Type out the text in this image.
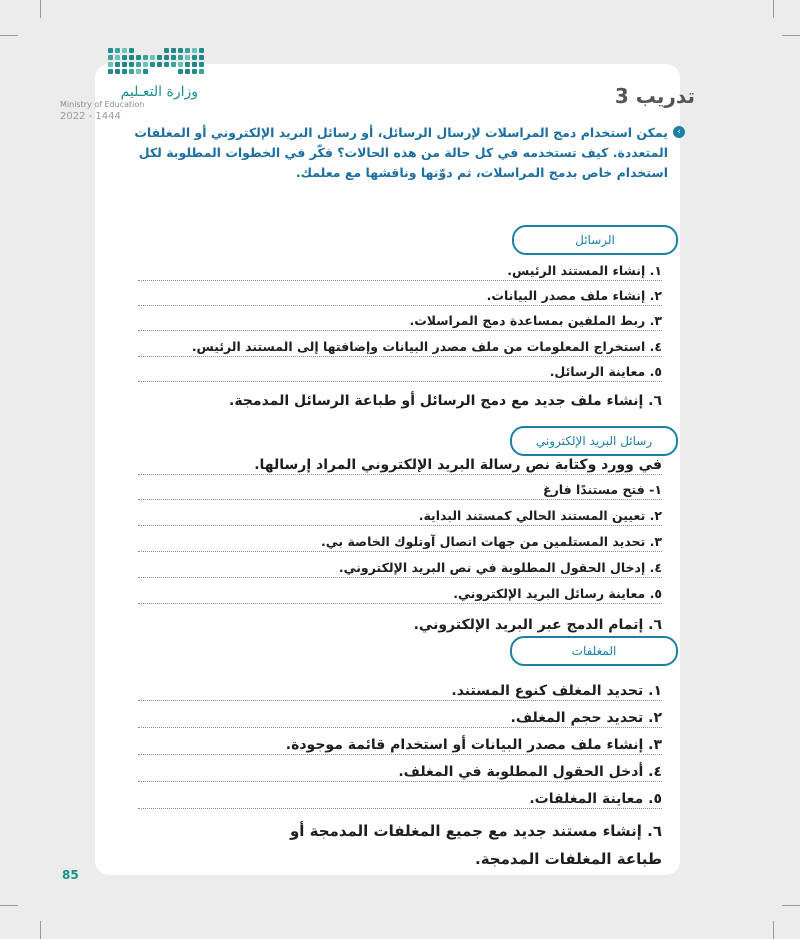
وزارة التعـليم
Ministry of Education
2022 - 1444
تدريب 3
‹
يمكن استخدام دمج المراسلات لإرسال الرسائل، أو رسائل البريد الإلكتروني أو المغلفات المتعددة. كيف تستخدمه في كل حالة من هذه الحالات؟ فكّر في الخطوات المطلوبة لكل استخدام خاص بدمج المراسلات، ثم دوّنها وناقشها مع معلمك.
الرسائل
١. إنشاء المستند الرئيس.
٢. إنشاء ملف مصدر البيانات.
٣. ربط الملفين بمساعدة دمج المراسلات.
٤. استخراج المعلومات من ملف مصدر البيانات وإضافتها إلى المستند الرئيس.
٥. معاينة الرسائل.
٦. إنشاء ملف جديد مع دمج الرسائل أو طباعة الرسائل المدمجة.
رسائل البريد الإلكتروني
في وورد وكتابة نص رسالة البريد الإلكتروني المراد إرسالها.
١- فتح مستندًا فارغ
٢. تعيين المستند الحالي كمستند البداية.
٣. تحديد المستلمين من جهات اتصال آوتلوك الخاصة بي.
٤. إدخال الحقول المطلوبة في نص البريد الإلكتروني.
٥. معاينة رسائل البريد الإلكتروني.
٦. إتمام الدمج عبر البريد الإلكتروني.
المغلفات
١. تحديد المغلف كنوع المستند.
٢. تحديد حجم المغلف.
٣. إنشاء ملف مصدر البيانات أو استخدام قائمة موجودة.
٤. أدخل الحقول المطلوبة في المغلف.
٥. معاينة المغلفات.
٦. إنشاء مستند جديد مع جميع المغلفات المدمجة أو
طباعة المغلفات المدمجة.
85
